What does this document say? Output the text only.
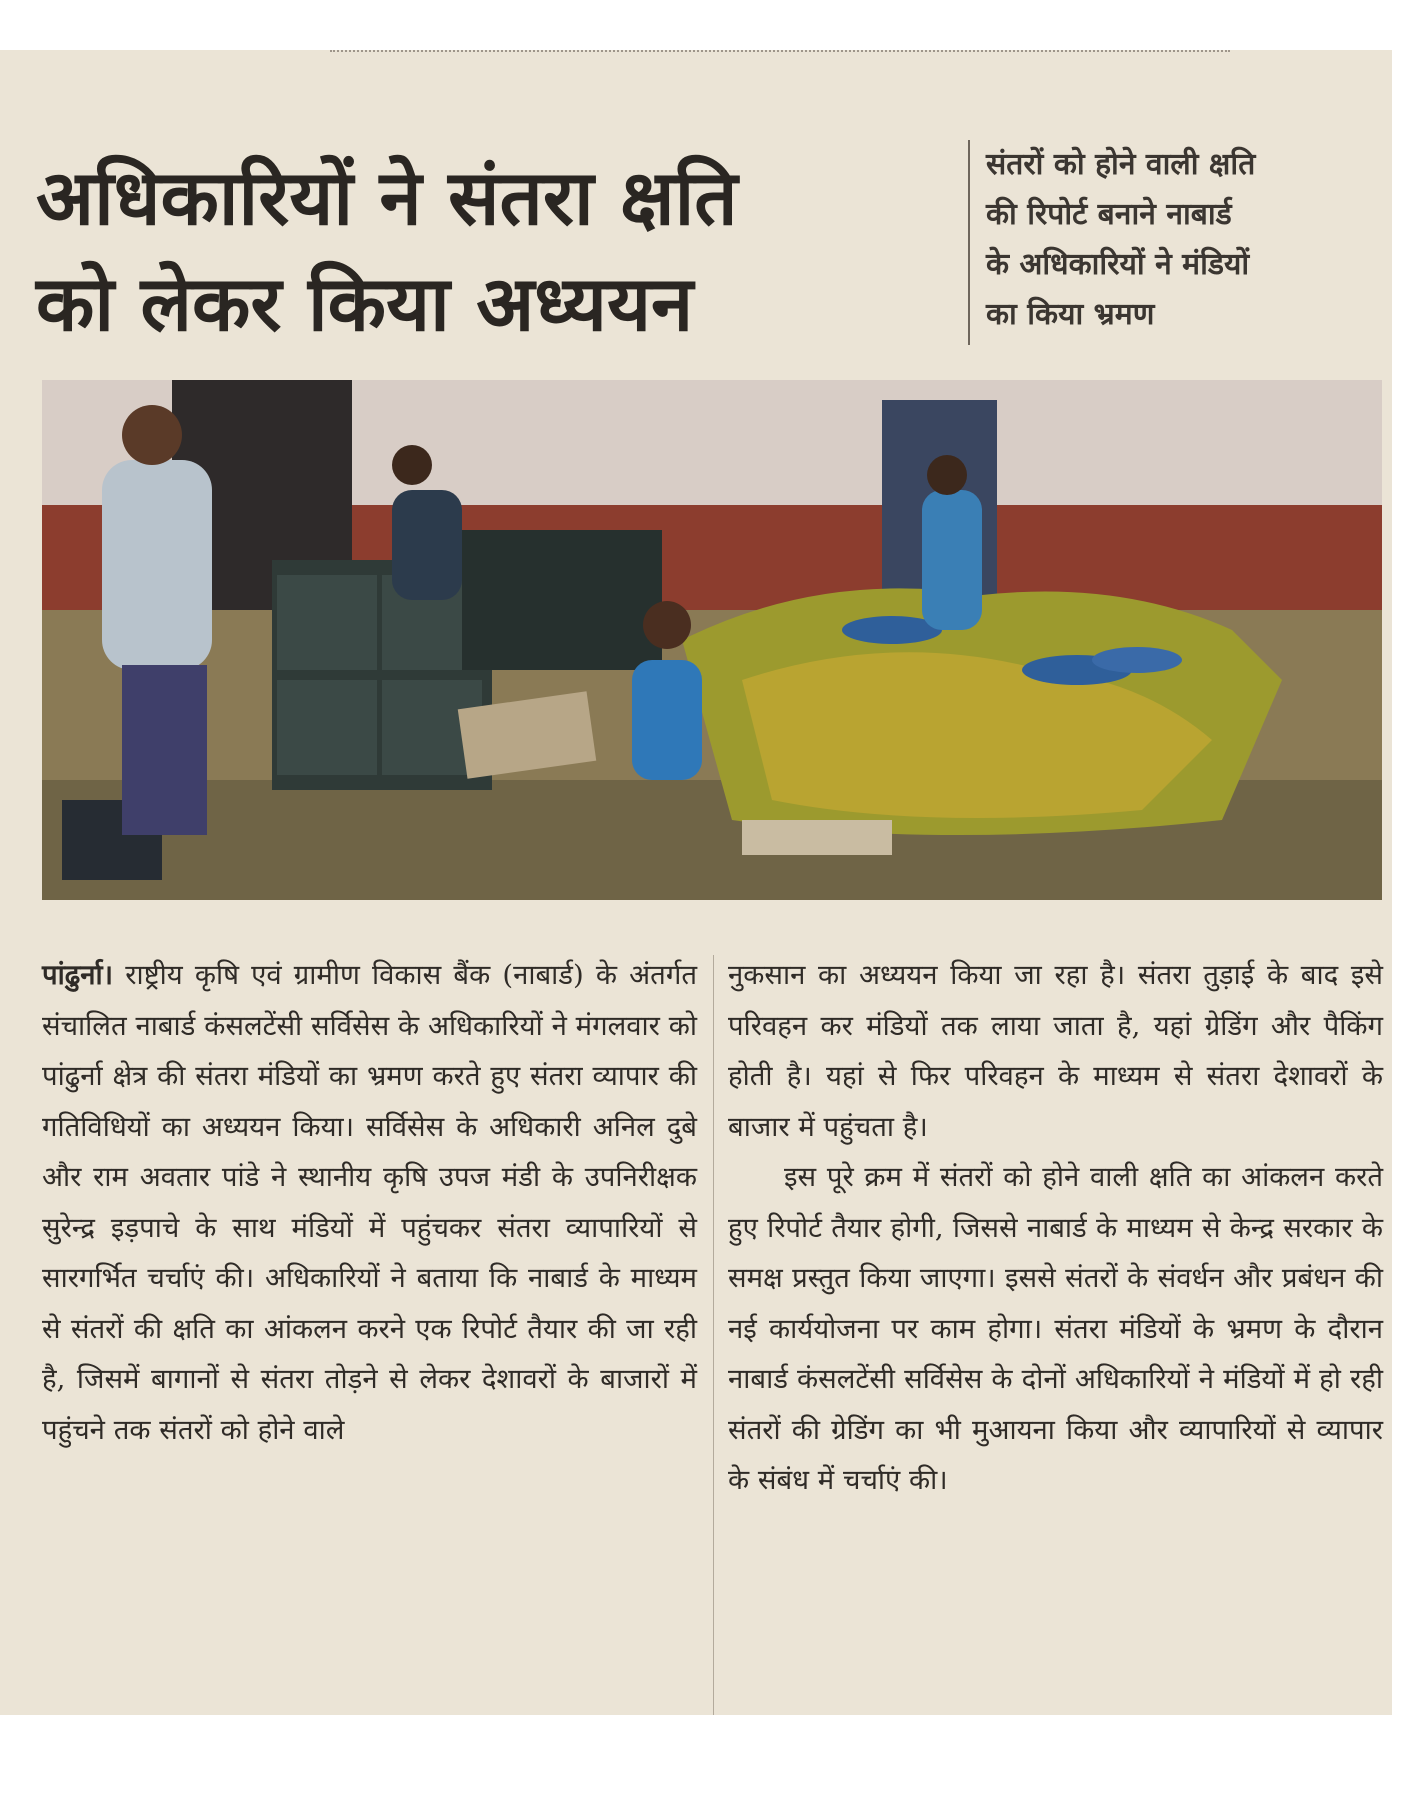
अधिकारियों ने संतरा क्षति
को लेकर किया अध्ययन

संतरों को होने वाली क्षति
की रिपोर्ट बनाने नाबार्ड
के अधिकारियों ने मंडियों
का किया भ्रमण

पांढुर्ना। राष्ट्रीय कृषि एवं ग्रामीण विकास बैंक (नाबार्ड) के अंतर्गत संचालित नाबार्ड कंसलटेंसी सर्विसेस के अधिकारियों ने मंगलवार को पांढुर्ना क्षेत्र की संतरा मंडियों का भ्रमण करते हुए संतरा व्यापार की गतिविधियों का अध्ययन किया। सर्विसेस के अधिकारी अनिल दुबे और राम अवतार पांडे ने स्थानीय कृषि उपज मंडी के उपनिरीक्षक सुरेन्द्र इड़पाचे के साथ मंडियों में पहुंचकर संतरा व्यापारियों से सारगर्भित चर्चाएं की। अधिकारियों ने बताया कि नाबार्ड के माध्यम से संतरों की क्षति का आंकलन करने एक रिपोर्ट तैयार की जा रही है, जिसमें बागानों से संतरा तोड़ने से लेकर देशावरों के बाजारों में पहुंचने तक संतरों को होने वाले

नुकसान का अध्ययन किया जा रहा है। संतरा तुड़ाई के बाद इसे परिवहन कर मंडियों तक लाया जाता है, यहां ग्रेडिंग और पैकिंग होती है। यहां से फिर परिवहन के माध्यम से संतरा देशावरों के बाजार में पहुंचता है।
इस पूरे क्रम में संतरों को होने वाली क्षति का आंकलन करते हुए रिपोर्ट तैयार होगी, जिससे नाबार्ड के माध्यम से केन्द्र सरकार के समक्ष प्रस्तुत किया जाएगा। इससे संतरों के संवर्धन और प्रबंधन की नई कार्ययोजना पर काम होगा। संतरा मंडियों के भ्रमण के दौरान नाबार्ड कंसलटेंसी सर्विसेस के दोनों अधिकारियों ने मंडियों में हो रही संतरों की ग्रेडिंग का भी मुआयना किया और व्यापारियों से व्यापार के संबंध में चर्चाएं की।
